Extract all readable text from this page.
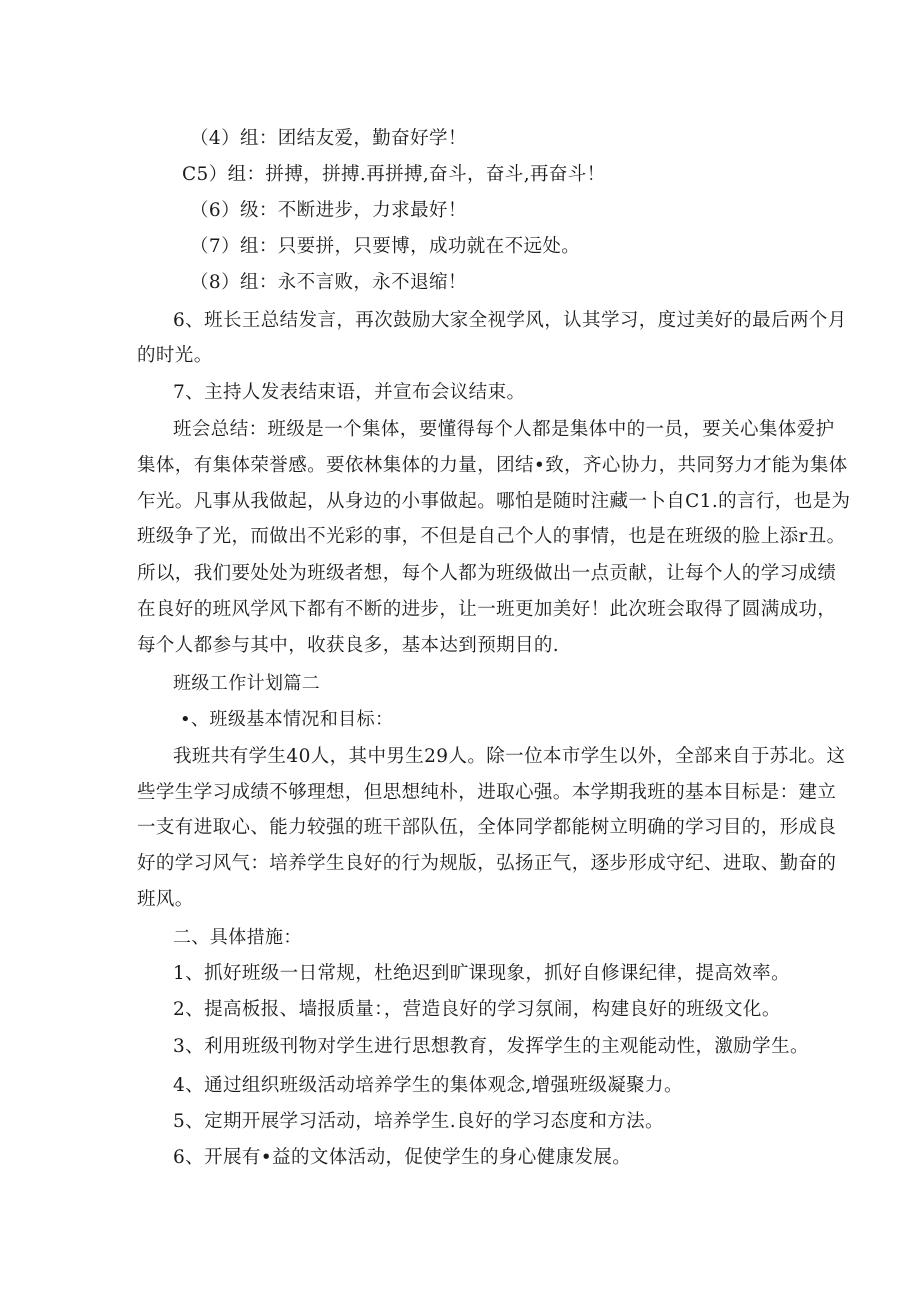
（4）组：团结友爱，勤奋好学！
C5）组：拼搏，拼搏.再拼搏,奋斗，奋斗,再奋斗！
（6）级：不断进步，力求最好！
（7）组：只要拼，只要博，成功就在不远处。
（8）组：永不言败，永不退缩！
6、班长王总结发言，再次鼓励大家全视学风，认其学习，度过美好的最后两个月
的时光。
7、主持人发表结束语，并宣布会议结束。
班会总结：班级是一个集体，要懂得每个人都是集体中的一员，要关心集体爱护
集体，有集体荣誉感。要依林集体的力量，团结•致，齐心协力，共同努力才能为集体
乍光。凡事从我做起，从身边的小事做起。哪怕是随时注藏一卜自C1.的言行，也是为
班级争了光，而做出不光彩的事，不但是自己个人的事情，也是在班级的脸上添r丑。
所以，我们要处处为班级者想，每个人都为班级做出一点贡献，让每个人的学习成绩
在良好的班风学风下都有不断的进步，让一班更加美好！此次班会取得了圆满成功，
每个人都参与其中，收获良多，基本达到预期目的.
班级工作计划篇二
•、班级基本情况和目标：
我班共有学生40人，其中男生29人。除一位本市学生以外，全部来自于苏北。这
些学生学习成绩不够理想，但思想纯朴，进取心强。本学期我班的基本目标是：建立
一支有进取心、能力较强的班干部队伍，全体同学都能树立明确的学习目的，形成良
好的学习风气：培养学生良好的行为规版，弘扬正气，逐步形成守纪、进取、勤奋的
班风。
二、具体措施：
1、抓好班级一日常规，杜绝迟到旷课现象，抓好自修课纪律，提高效率。
2、提高板报、墙报质量：，营造良好的学习氛闹，构建良好的班级文化。
3、利用班级刊物对学生进行思想教育，发挥学生的主观能动性，激励学生。
4、通过组织班级活动培养学生的集体观念,增强班级凝聚力。
5、定期开展学习活动，培养学生.良好的学习态度和方法。
6、开展有•益的文体活动，促使学生的身心健康发展。
